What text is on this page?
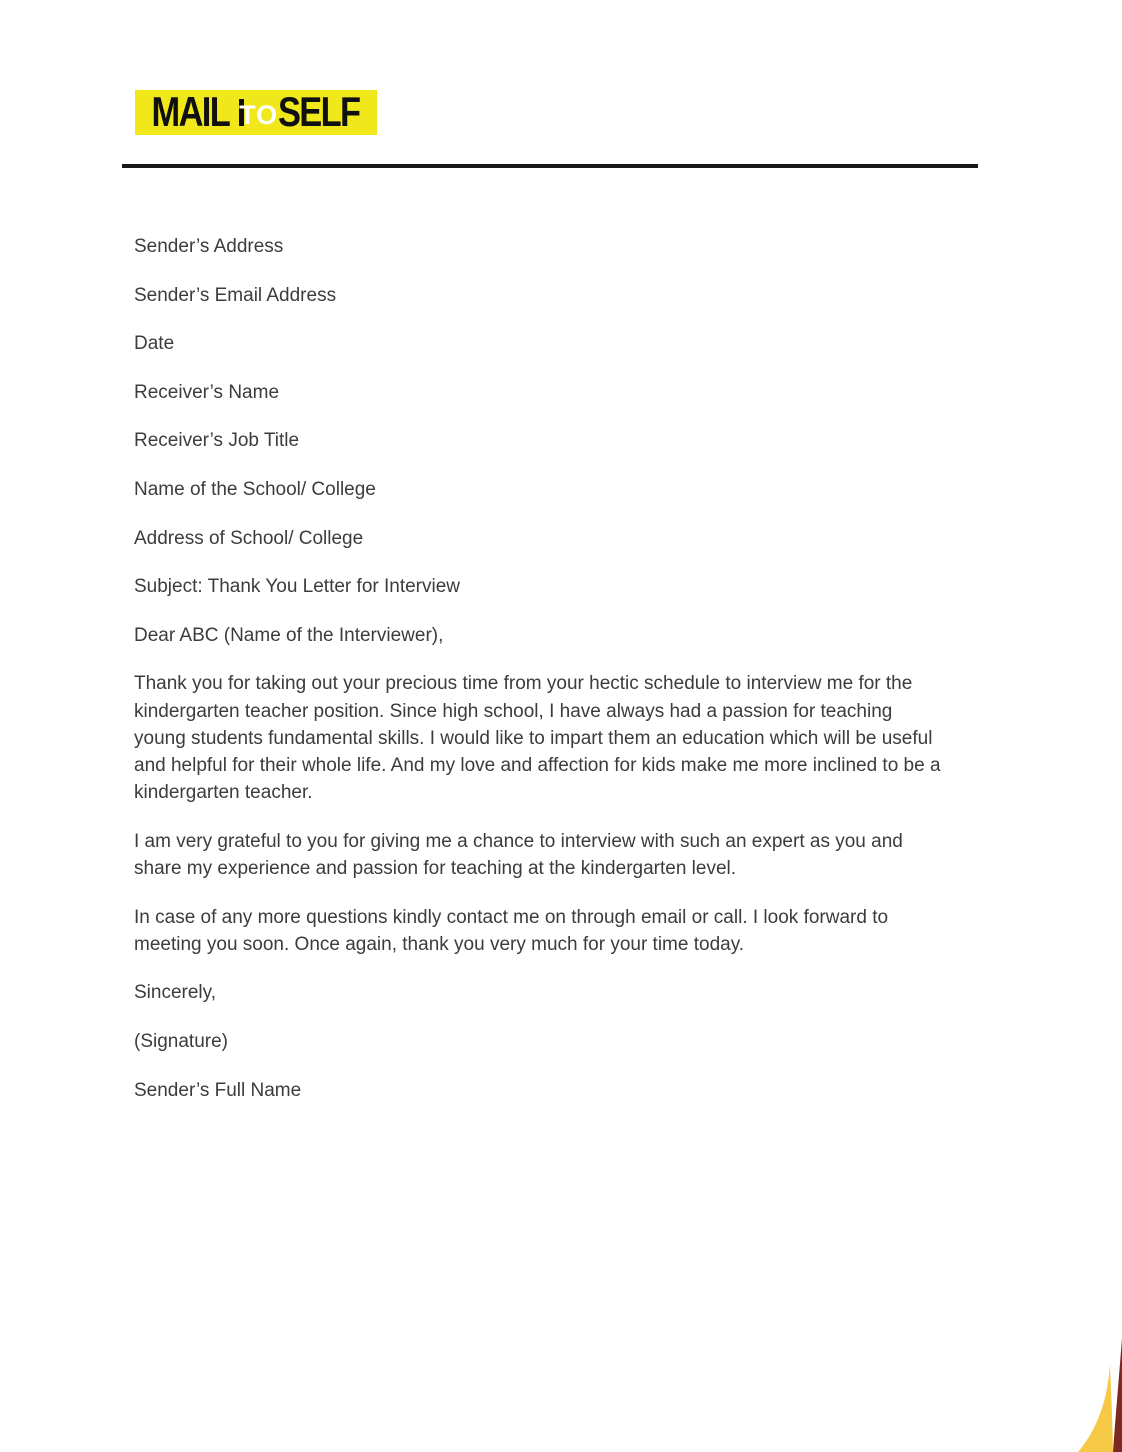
MAIL TO SELF

Sender’s Address

Sender’s Email Address

Date

Receiver’s Name

Receiver’s Job Title

Name of the School/ College

Address of School/ College

Subject: Thank You Letter for Interview

Dear ABC (Name of the Interviewer),

Thank you for taking out your precious time from your hectic schedule to interview me for the
kindergarten teacher position. Since high school, I have always had a passion for teaching
young students fundamental skills. I would like to impart them an education which will be useful
and helpful for their whole life. And my love and affection for kids make me more inclined to be a
kindergarten teacher.
I am very grateful to you for giving me a chance to interview with such an expert as you and
share my experience and passion for teaching at the kindergarten level.
In case of any more questions kindly contact me on through email or call. I look forward to
meeting you soon. Once again, thank you very much for your time today.

Sincerely,

(Signature)

Sender’s Full Name
